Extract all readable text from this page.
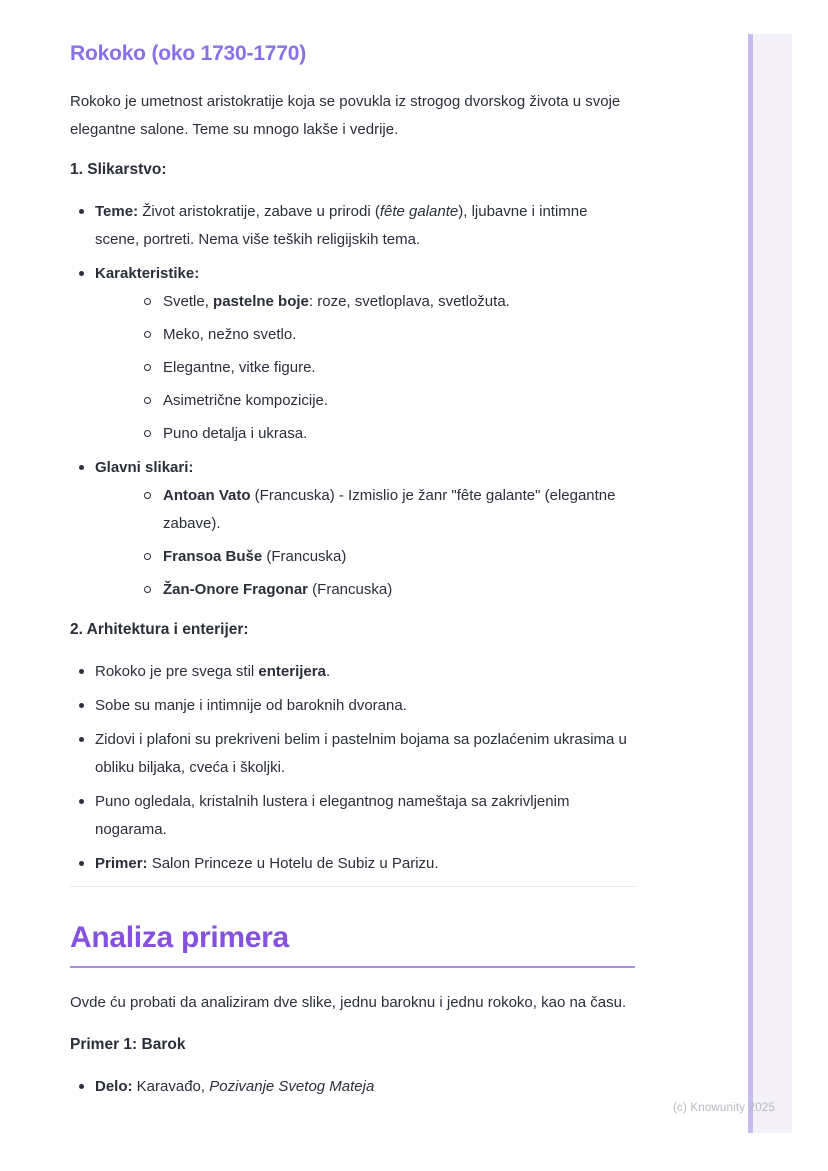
Rokoko (oko 1730-1770)

Rokoko je umetnost aristokratije koja se povukla iz strogog dvorskog života u svoje elegantne salone. Teme su mnogo lakše i vedrije.

1. Slikarstvo:
Teme: Život aristokratije, zabave u prirodi (fête galante), ljubavne i intimne scene, portreti. Nema više teških religijskih tema.
Karakteristike:
Svetle, pastelne boje: roze, svetloplava, svetložuta.
Meko, nežno svetlo.
Elegantne, vitke figure.
Asimetrične kompozicije.
Puno detalja i ukrasa.
Glavni slikari:
Antoan Vato (Francuska) - Izmislio je žanr "fête galante" (elegantne zabave).
Fransoa Buše (Francuska)
Žan-Onore Fragonar (Francuska)
2. Arhitektura i enterijer:
Rokoko je pre svega stil enterijera.
Sobe su manje i intimnije od baroknih dvorana.
Zidovi i plafoni su prekriveni belim i pastelnim bojama sa pozlaćenim ukrasima u obliku biljaka, cveća i školjki.
Puno ogledala, kristalnih lustera i elegantnog nameštaja sa zakrivljenim nogarama.
Primer: Salon Princeze u Hotelu de Subiz u Parizu.
Analiza primera

Ovde ću probati da analiziram dve slike, jednu baroknu i jednu rokoko, kao na času.

Primer 1: Barok
Delo: Karavađo, Pozivanje Svetog Mateja
(c) Knowunity 2025
